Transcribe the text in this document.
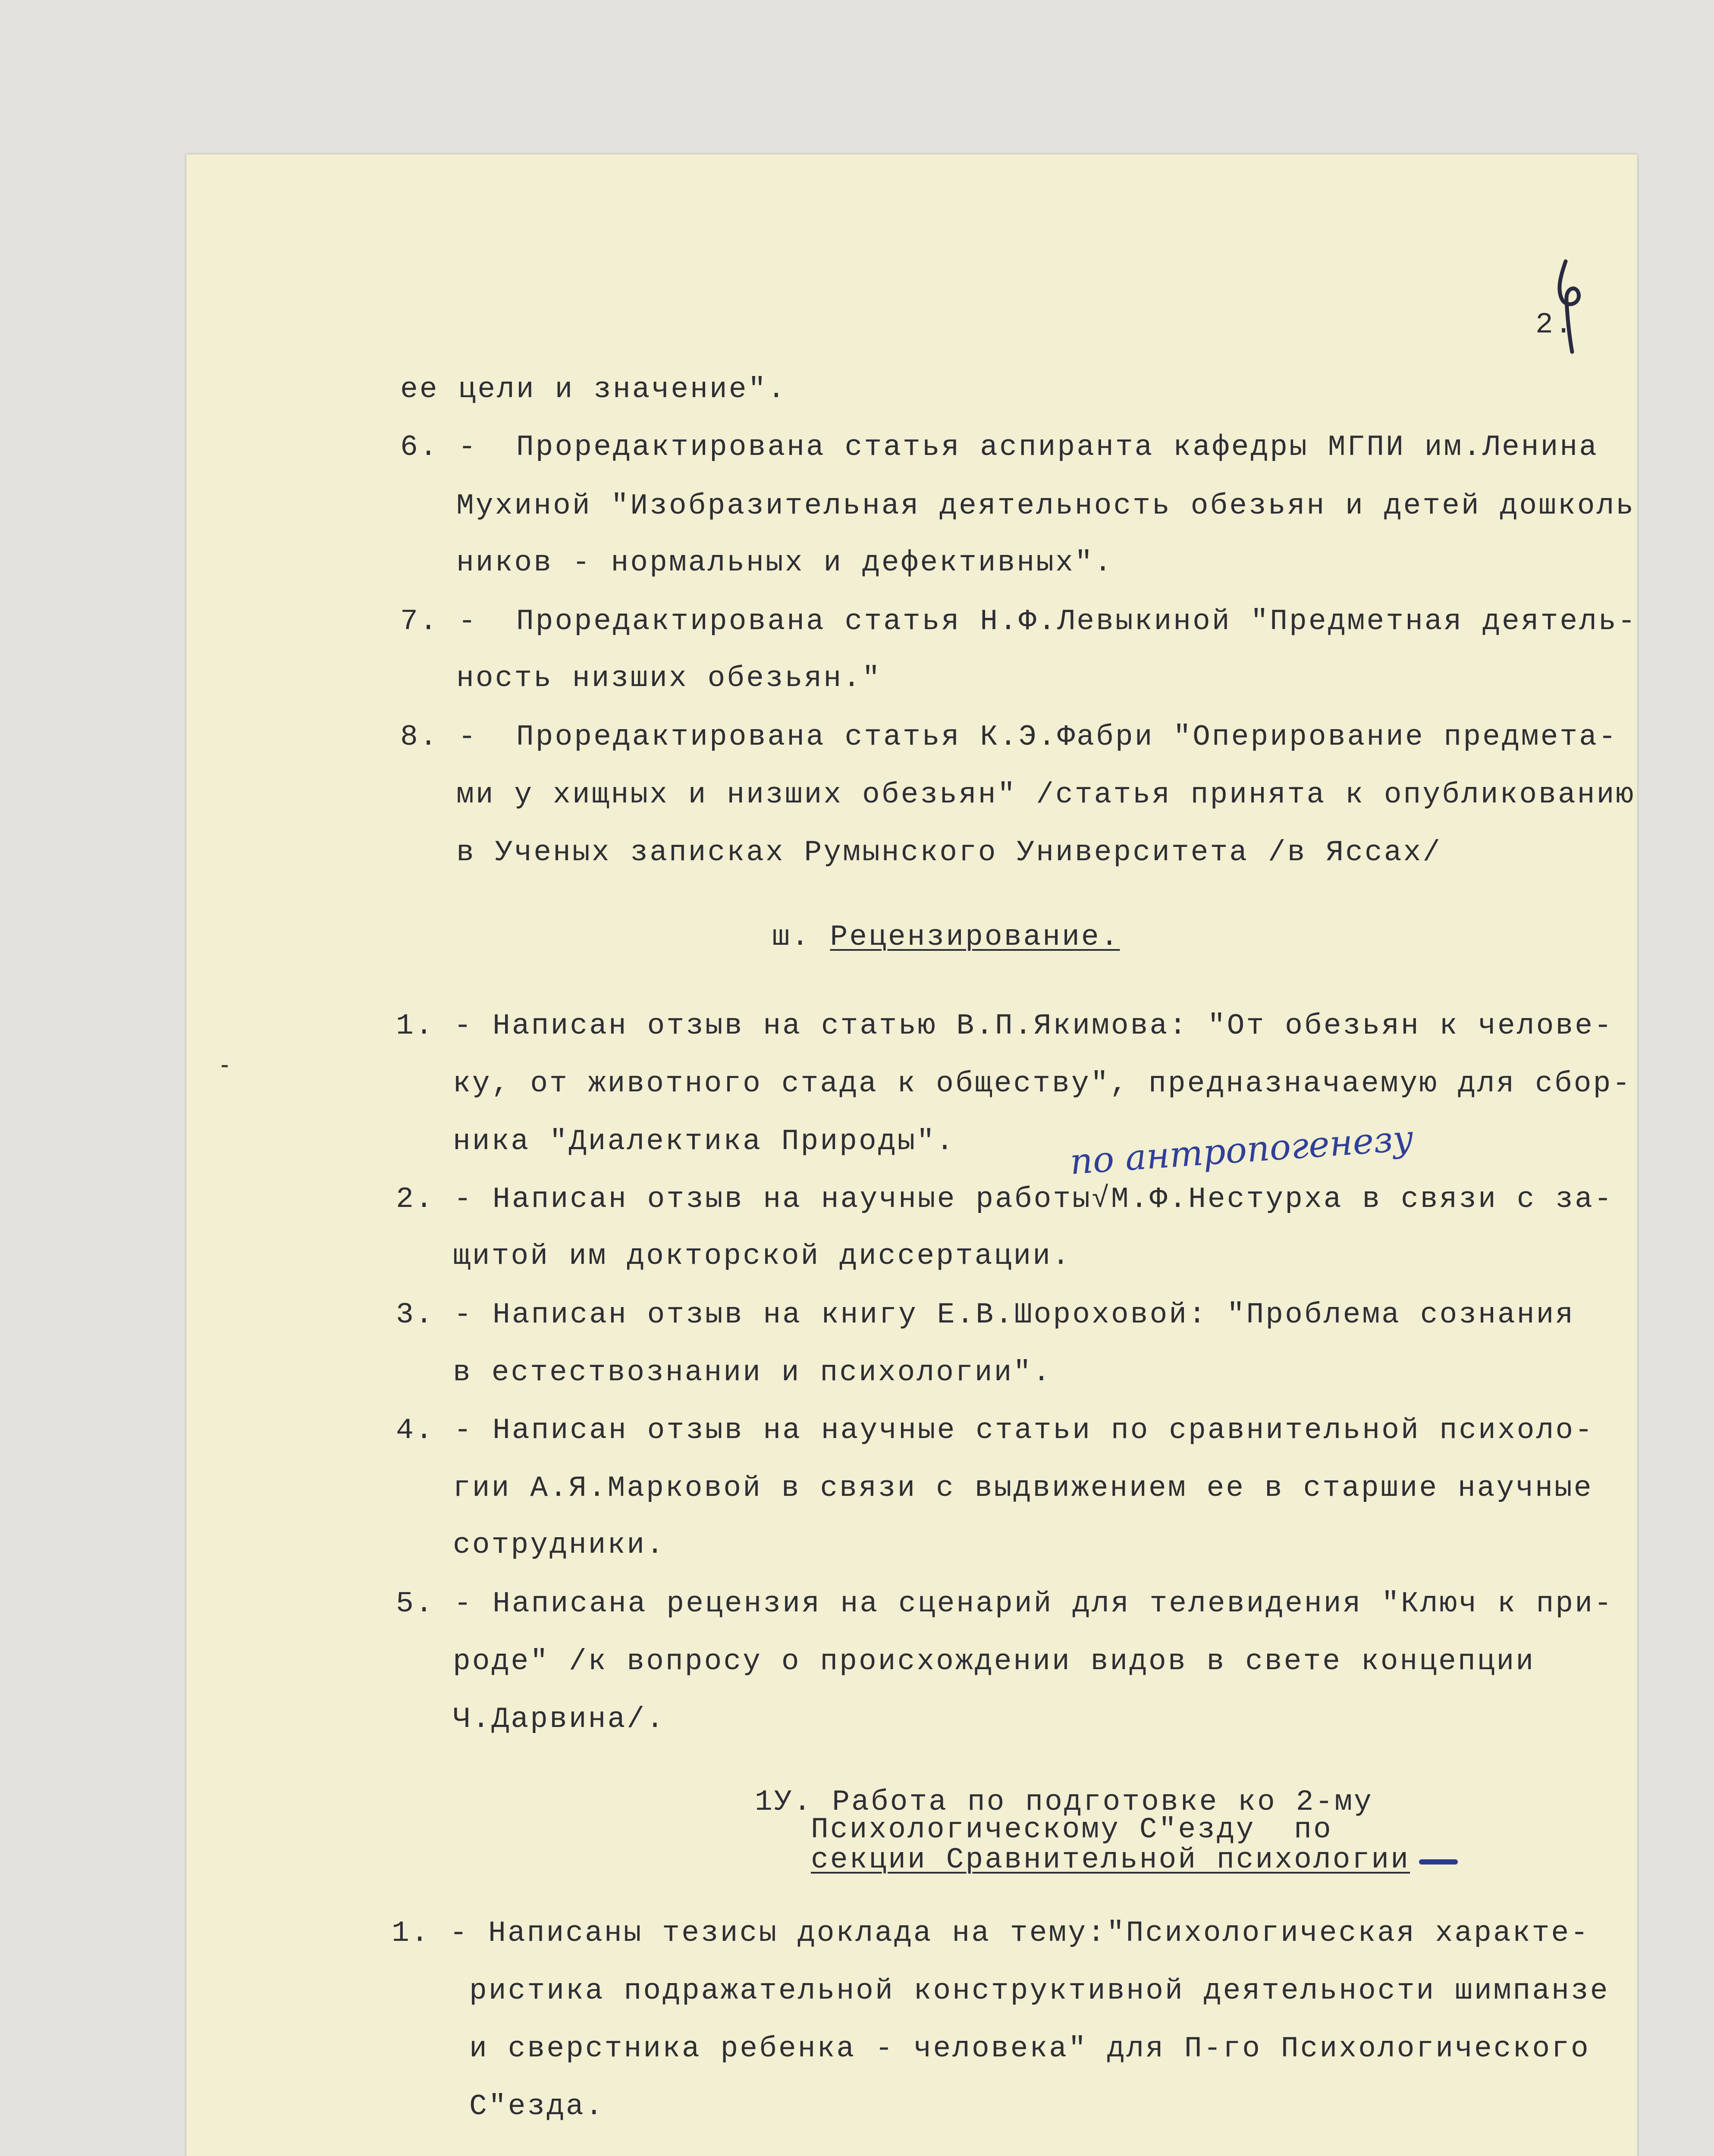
2.
ее цели и значение".
6. -  Проредактирована статья аспиранта кафедры МГПИ им.Ленина
Мухиной "Изобразительная деятельность обезьян и детей дошколь
ников - нормальных и дефективных".
7. -  Проредактирована статья Н.Ф.Левыкиной "Предметная деятель-
ность низших обезьян."
8. -  Проредактирована статья К.Э.Фабри "Оперирование предмета-
ми у хищных и низших обезьян" /статья принята к опубликованию
в Ученых записках Румынского Университета /в Яссах/
ш. Рецензирование.
1. - Написан отзыв на статью В.П.Якимова: "От обезьян к челове-
ку, от животного стада к обществу", предназначаемую для сбор-
ника "Диалектика Природы".	по антропогенезу
2. - Написан отзыв на научные работы√М.Ф.Нестурха в связи с за-
щитой им докторской диссертации.
3. - Написан отзыв на книгу Е.В.Шороховой: "Проблема сознания
в естествознании и психологии".
4. - Написан отзыв на научные статьи по сравнительной психоло-
гии А.Я.Марковой в связи с выдвижением ее в старшие научные
сотрудники.
5. - Написана рецензия на сценарий для телевидения "Ключ к при-
роде" /к вопросу о происхождении видов в свете концепции
Ч.Дарвина/.
1У. Работа по подготовке ко 2-му
Психологическому С"езду  по
секции Сравнительной психологии
1. - Написаны тезисы доклада на тему:"Психологическая характе-
ристика подражательной конструктивной деятельности шимпанзе
и сверстника ребенка - человека" для П-го Психологического
С"езда.
